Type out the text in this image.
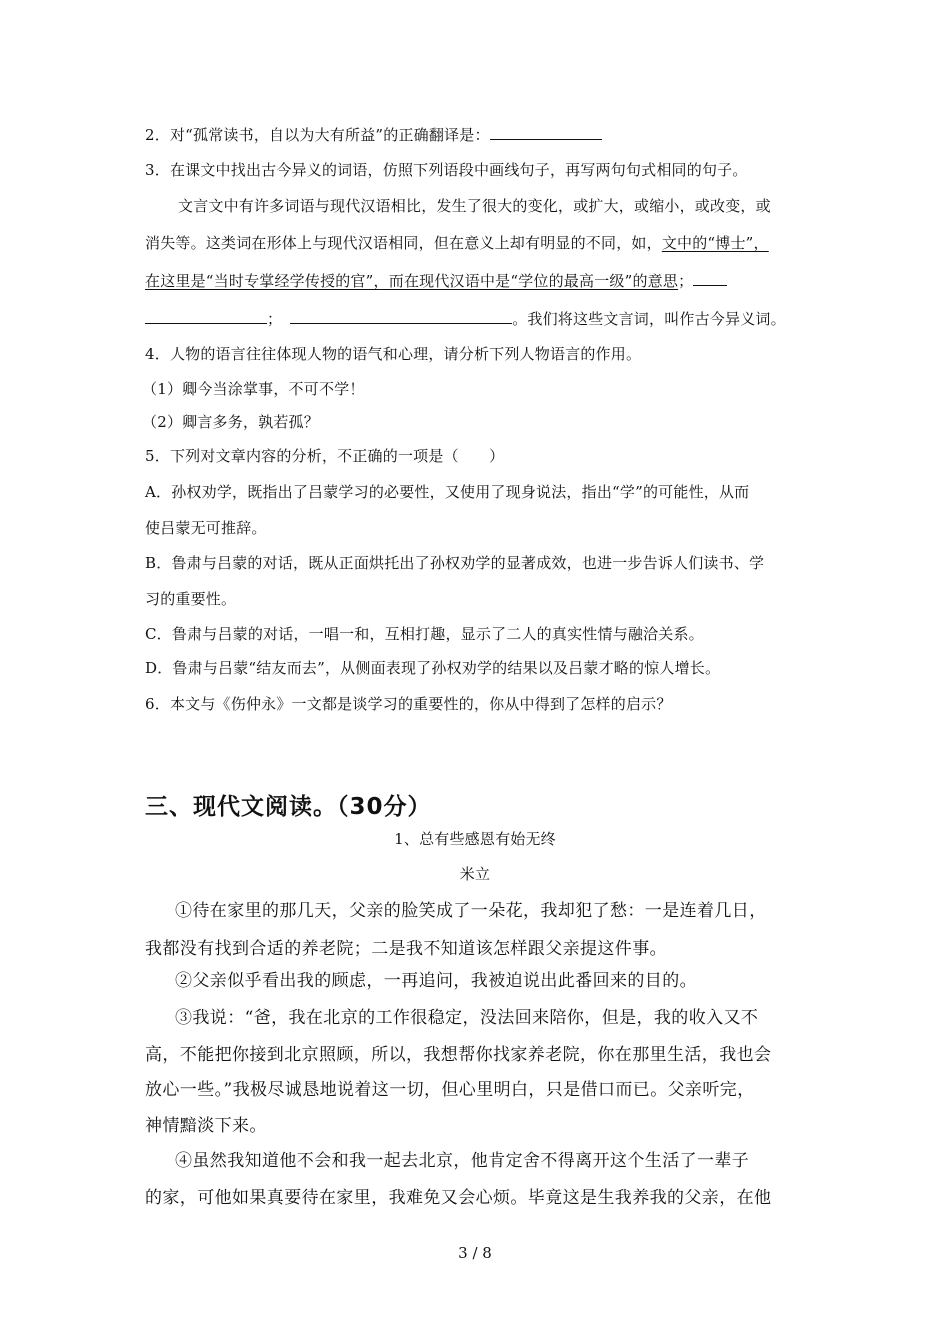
2．对“孤常读书，自以为大有所益”的正确翻译是：
3．在课文中找出古今异义的词语，仿照下列语段中画线句子，再写两句句式相同的句子。
文言文中有许多词语与现代汉语相比，发生了很大的变化，或扩大，或缩小，或改变，或
消失等。这类词在形体上与现代汉语相同，但在意义上却有明显的不同，如，文中的“博士”，
在这里是“当时专掌经学传授的官”，而在现代汉语中是“学位的最高一级”的意思；
；	。我们将这些文言词，叫作古今异义词。
4．人物的语言往往体现人物的语气和心理，请分析下列人物语言的作用。
（1）卿今当涂掌事，不可不学！
（2）卿言多务，孰若孤？
5．下列对文章内容的分析，不正确的一项是（　　）
A．孙权劝学，既指出了吕蒙学习的必要性，又使用了现身说法，指出“学”的可能性，从而
使吕蒙无可推辞。
B．鲁肃与吕蒙的对话，既从正面烘托出了孙权劝学的显著成效，也进一步告诉人们读书、学
习的重要性。
C．鲁肃与吕蒙的对话，一唱一和，互相打趣，显示了二人的真实性情与融洽关系。
D．鲁肃与吕蒙“结友而去”，从侧面表现了孙权劝学的结果以及吕蒙才略的惊人增长。
6．本文与《伤仲永》一文都是谈学习的重要性的，你从中得到了怎样的启示？
三、现代文阅读。（30分）
1、总有些感恩有始无终
米立
①待在家里的那几天，父亲的脸笑成了一朵花，我却犯了愁：一是连着几日，
我都没有找到合适的养老院；二是我不知道该怎样跟父亲提这件事。
②父亲似乎看出我的顾虑，一再追问，我被迫说出此番回来的目的。
③我说：“爸，我在北京的工作很稳定，没法回来陪你，但是，我的收入又不
高，不能把你接到北京照顾，所以，我想帮你找家养老院，你在那里生活，我也会
放心一些。”我极尽诚恳地说着这一切，但心里明白，只是借口而已。父亲听完，
神情黯淡下来。
④虽然我知道他不会和我一起去北京，他肯定舍不得离开这个生活了一辈子
的家，可他如果真要待在家里，我难免又会心烦。毕竟这是生我养我的父亲，在他
3 / 8
